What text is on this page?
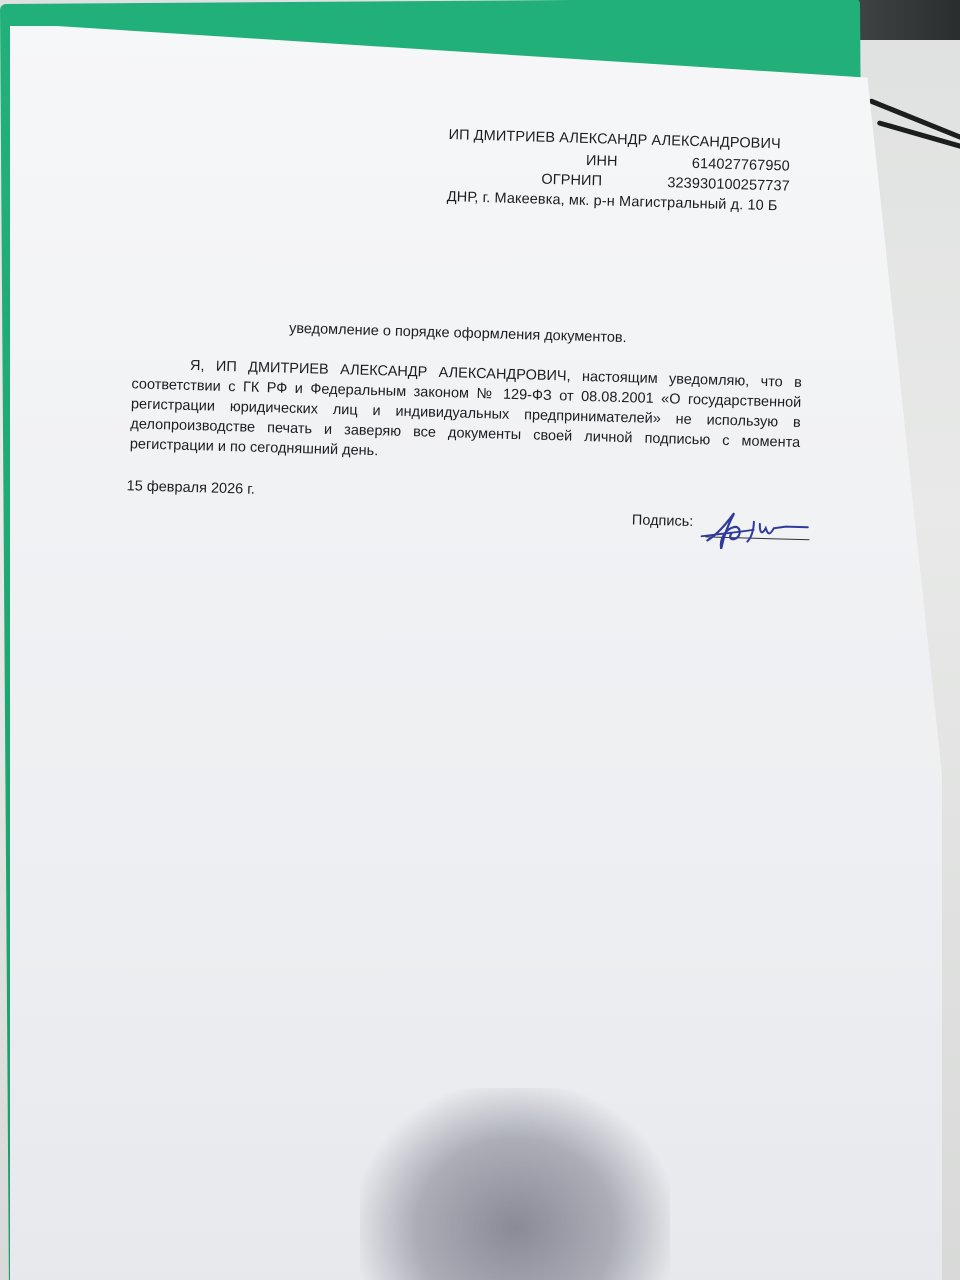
ИП ДМИТРИЕВ АЛЕКСАНДР АЛЕКСАНДРОВИЧ
ИНН	614027767950
ОГРНИП	323930100257737
ДНР, г. Макеевка, мк. р-н Магистральный д. 10 Б
уведомление о порядке оформления документов.
Я, ИП ДМИТРИЕВ АЛЕКСАНДР АЛЕКСАНДРОВИЧ, настоящим уведомляю, что в соответствии с ГК РФ и Федеральным законом № 129-ФЗ от 08.08.2001 «О государственной регистрации юридических лиц и индивидуальных предпринимателей» не использую в делопроизводстве печать и заверяю все документы своей личной подписью с момента регистрации и по сегодняшний день.
15 февраля 2026 г.
Подпись:
